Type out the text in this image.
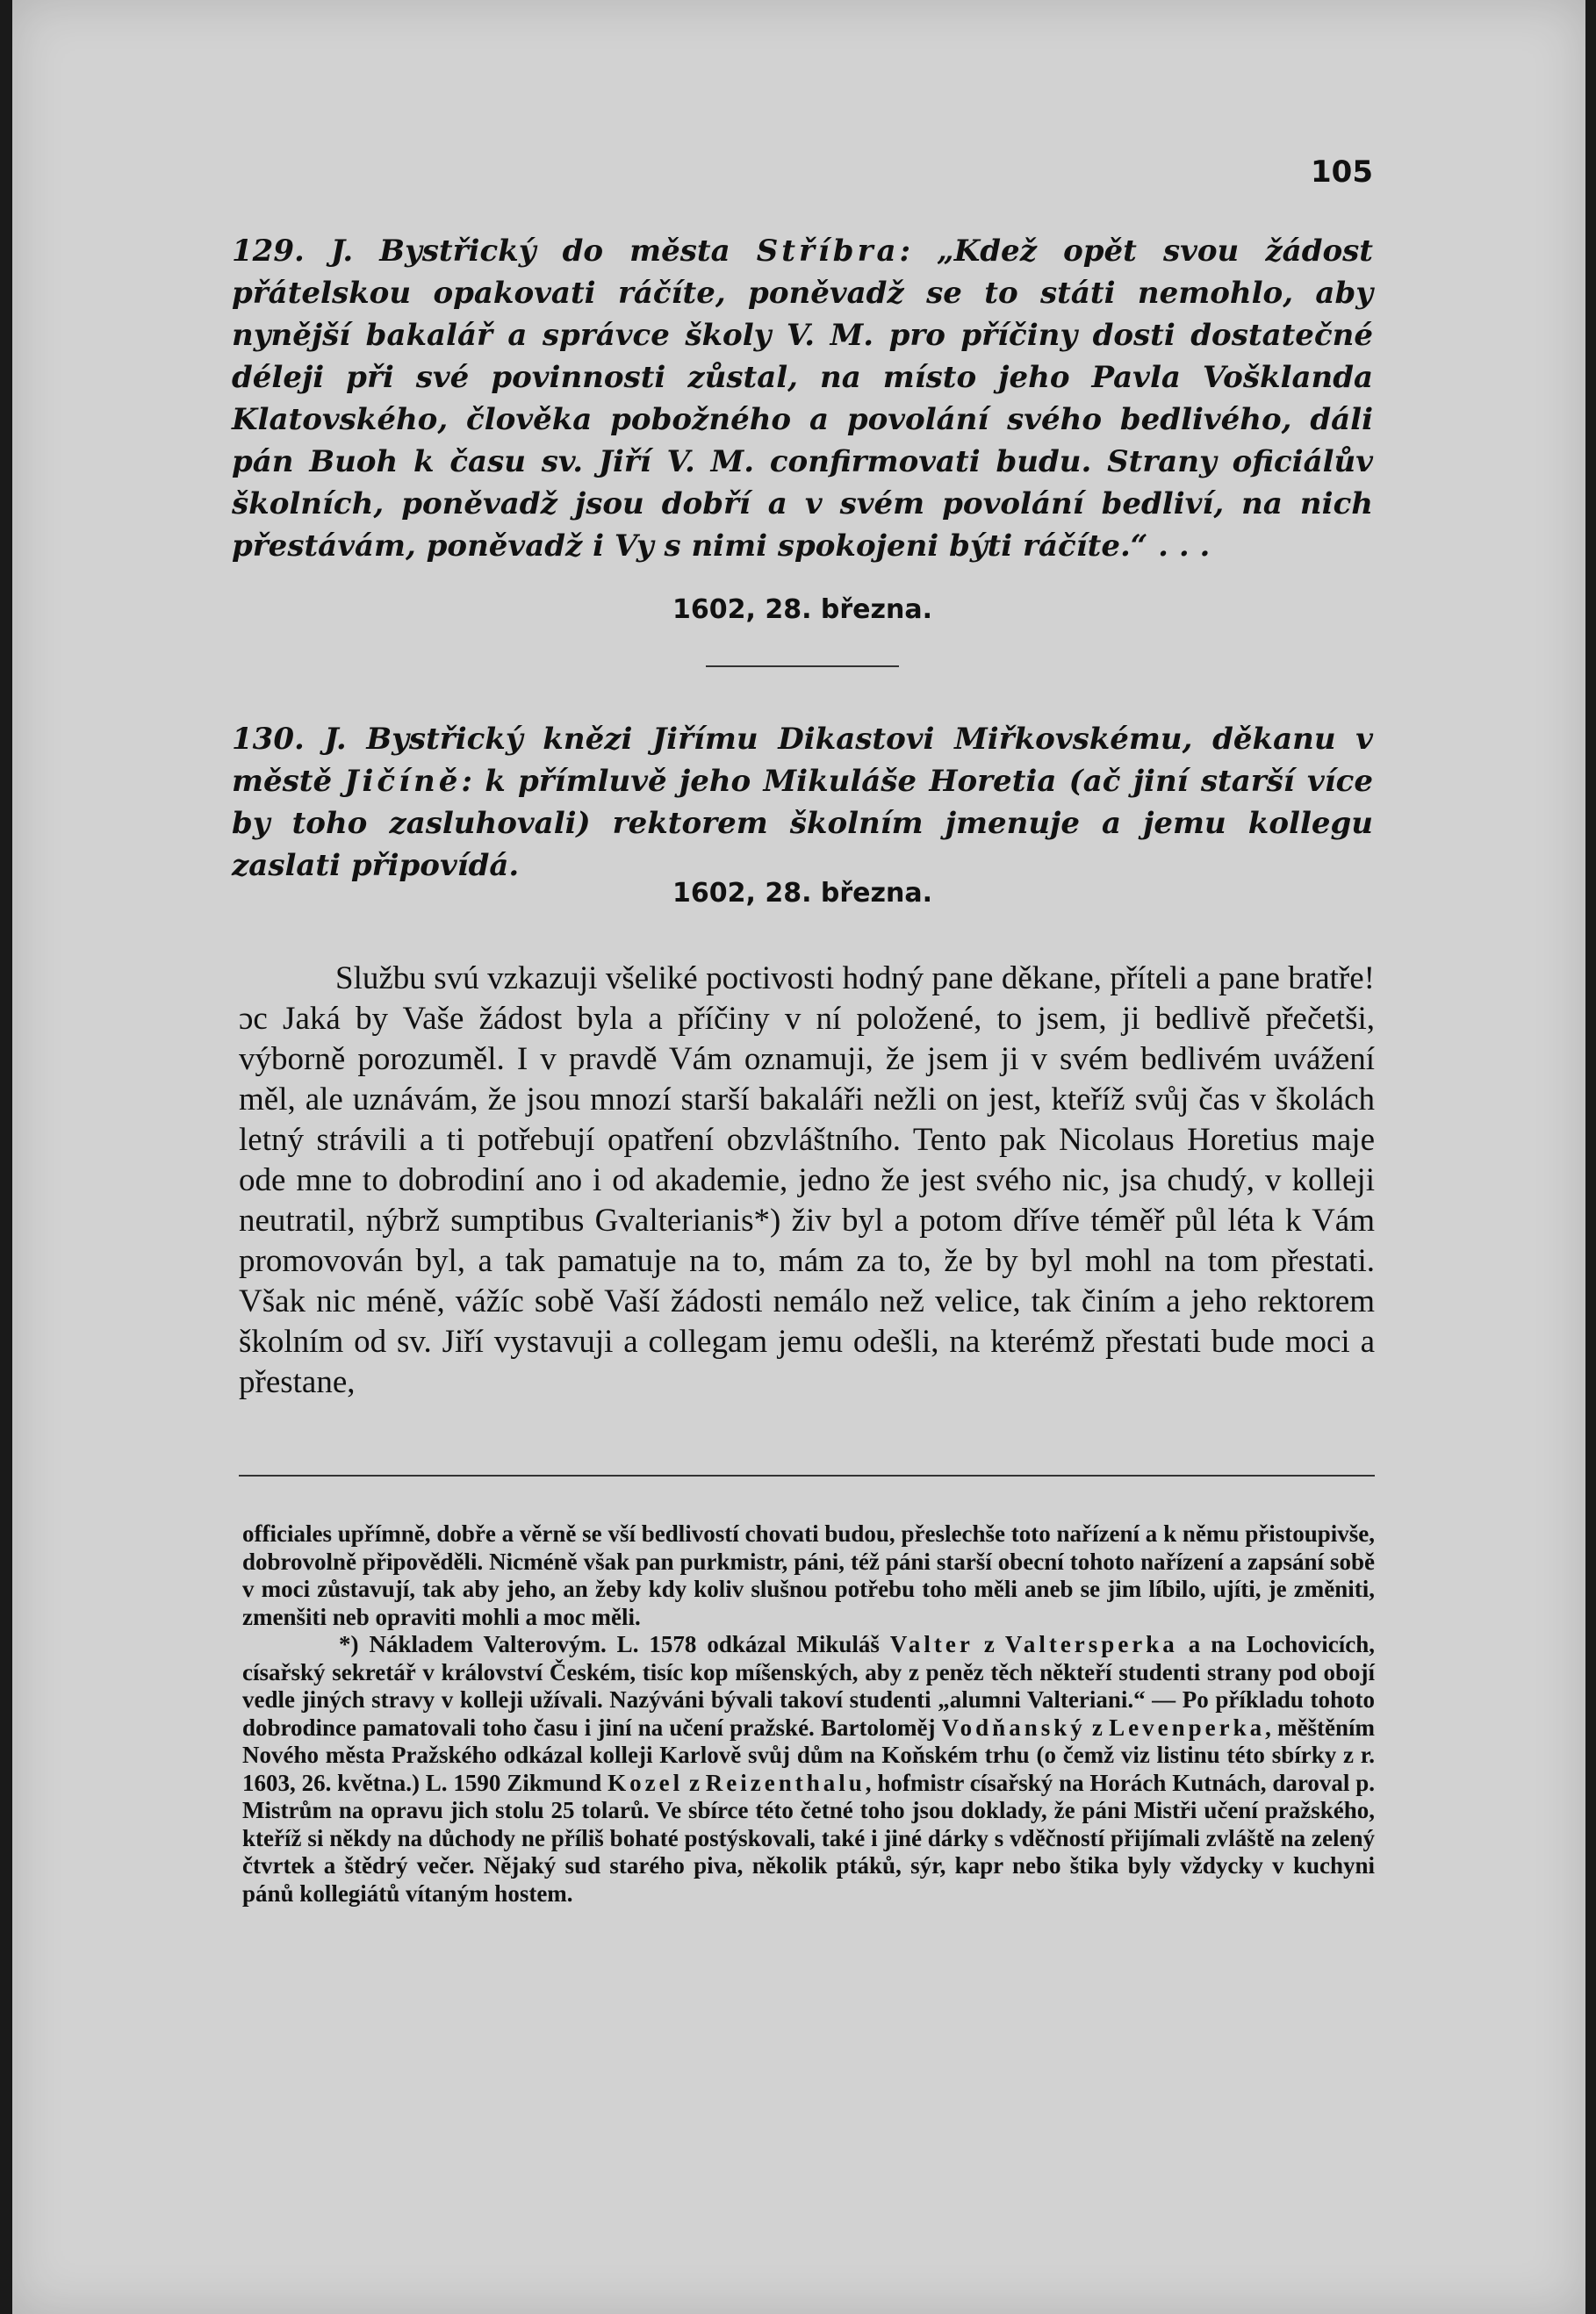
105
129. J. Bystřický do města Stříbra: „Kdež opět svou žádost přátelskou opakovati ráčíte, poněvadž se to státi nemohlo, aby nynější bakalář a správce školy V. M. pro příčiny dosti dostatečné déleji při své povinnosti zůstal, na místo jeho Pavla Vošklanda Klatovského, člověka pobožného a povolání svého bedlivého, dáli pán Buoh k času sv. Jiří V. M. confirmovati budu. Strany oficiálův školních, poněvadž jsou dobří a v svém povolání bedliví, na nich přestávám, poněvadž i Vy s nimi spokojeni býti ráčíte.“ . . .
1602, 28. března.
130. J. Bystřický knězi Jiřímu Dikastovi Miřkovskému, děkanu v městě Jičíně: k přímluvě jeho Mikuláše Horetia (ač jiní starší více by toho zasluhovali) rektorem školním jmenuje a jemu kollegu zaslati připovídá.
1602, 28. března.

Službu svú vzkazuji všeliké poctivosti hodný pane děkane, příteli a pane bratře! ɔc Jaká by Vaše žádost byla a příčiny v ní položené, to jsem, ji bedlivě přečetši, výborně porozuměl. I v pravdě Vám oznamuji, že jsem ji v svém bedlivém uvážení měl, ale uznávám, že jsou mnozí starší bakaláři nežli on jest, kteříž svůj čas v školách letný strávili a ti potřebují opatření obzvláštního. Tento pak Nicolaus Horetius maje ode mne to dobrodiní ano i od akademie, jedno že jest svého nic, jsa chudý, v kolleji neutratil, nýbrž sumptibus Gvalterianis*) živ byl a potom dříve téměř půl léta k Vám promovován byl, a tak pamatuje na to, mám za to, že by byl mohl na tom přestati. Však nic méně, vážíc sobě Vaší žádosti nemálo než velice, tak činím a jeho rektorem školním od sv. Jiří vystavuji a collegam jemu odešli, na kterémž přestati bude moci a přestane,

officiales upřímně, dobře a věrně se vší bedlivostí chovati budou, přeslechše toto nařízení a k němu přistoupivše, dobrovolně připověděli. Nicméně však pan purkmistr, páni, též páni starší obecní tohoto nařízení a zapsání sobě v moci zůstavují, tak aby jeho, an žeby kdy koliv slušnou potřebu toho měli aneb se jim líbilo, ujíti, je změniti, zmenšiti neb opraviti mohli a moc měli.

*) Nákladem Valterovým. L. 1578 odkázal Mikuláš Valter z Valtersperka a na Lochovicích, císařský sekretář v království Českém, tisíc kop míšenských, aby z peněz těch někteří studenti strany pod obojí vedle jiných stravy v kolleji užívali. Nazýváni bývali takoví studenti „alumni Valteriani.“ — Po příkladu tohoto dobrodince pamatovali toho času i jiní na učení pražské. Bartoloměj Vodňanský z Levenperka, měštěním Nového města Pražského odkázal kolleji Karlově svůj dům na Koňském trhu (o čemž viz listinu této sbírky z r. 1603, 26. května.) L. 1590 Zikmund Kozel z Reizenthalu, hofmistr císařský na Horách Kutnách, daroval p. Mistrům na opravu jich stolu 25 tolarů. Ve sbírce této četné toho jsou doklady, že páni Mistři učení pražského, kteříž si někdy na důchody ne příliš bohaté postýskovali, také i jiné dárky s vděčností přijímali zvláště na zelený čtvrtek a štědrý večer. Nějaký sud starého piva, několik ptáků, sýr, kapr nebo štika byly vždycky v kuchyni pánů kollegiátů vítaným hostem.
